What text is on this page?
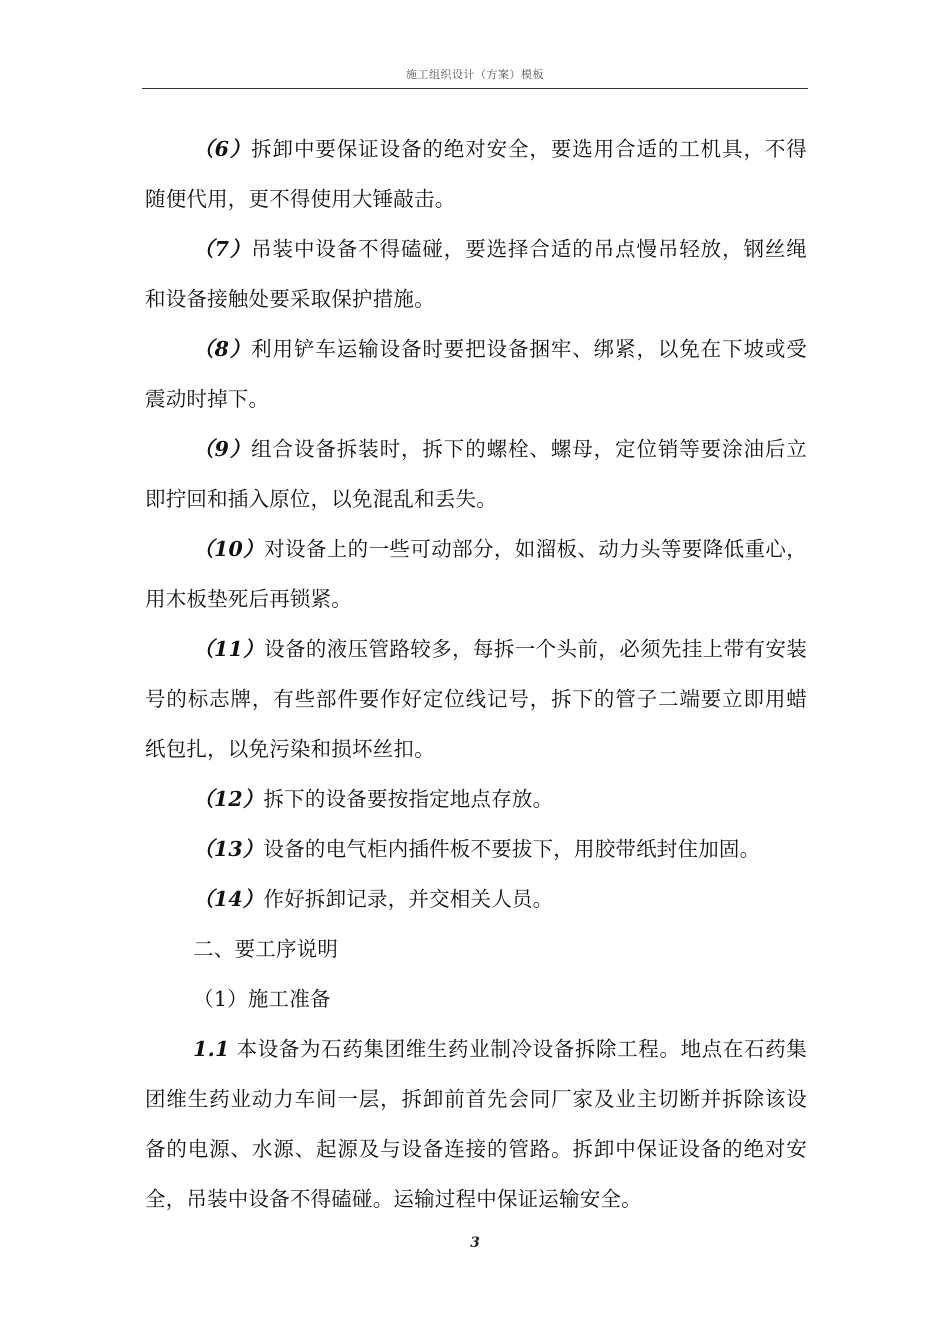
施工组织设计（方案）模板

（6）拆卸中要保证设备的绝对安全，要选用合适的工机具，不得随便代用，更不得使用大锤敲击。

（7）吊装中设备不得磕碰，要选择合适的吊点慢吊轻放，钢丝绳和设备接触处要采取保护措施。

（8）利用铲车运输设备时要把设备捆牢、绑紧，以免在下坡或受震动时掉下。

（9）组合设备拆装时，拆下的螺栓、螺母，定位销等要涂油后立即拧回和插入原位，以免混乱和丢失。

（10）对设备上的一些可动部分，如溜板、动力头等要降低重心，用木板垫死后再锁紧。

（11）设备的液压管路较多，每拆一个头前，必须先挂上带有安装号的标志牌，有些部件要作好定位线记号，拆下的管子二端要立即用蜡纸包扎，以免污染和损坏丝扣。

（12）拆下的设备要按指定地点存放。

（13）设备的电气柜内插件板不要拔下，用胶带纸封住加固。

（14）作好拆卸记录，并交相关人员。

二、要工序说明

（1）施工准备

1.1 本设备为石药集团维生药业制冷设备拆除工程。地点在石药集团维生药业动力车间一层，拆卸前首先会同厂家及业主切断并拆除该设备的电源、水源、起源及与设备连接的管路。拆卸中保证设备的绝对安全，吊装中设备不得磕碰。运输过程中保证运输安全。

3
